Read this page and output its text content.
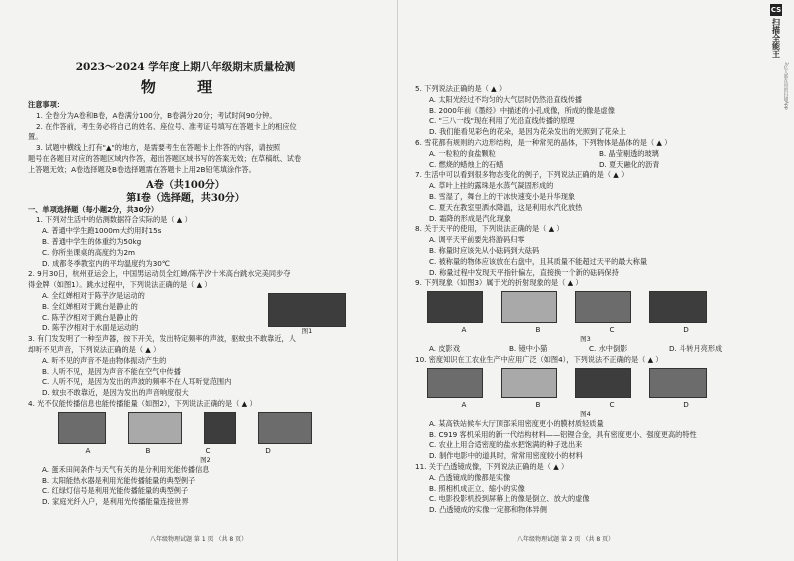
CS
扫描全能王
3亿人都在用的扫描App
2023～2024 学年度上期八年级期末质量检测
物 理
注意事项：
1. 全卷分为A卷和B卷，A卷满分100分，B卷满分20分；考试时间90分钟。
2. 在作答前，考生务必将自己的姓名、座位号、准考证号填写在答题卡上的相应位
置。
3. 试题中横线上打有"▲"的地方，是需要考生在答题卡上作答的内容，请按照
题号在各题目对应的答题区域内作答，超出答题区域书写的答案无效；在草稿纸、试卷
上答题无效；A卷选择题及B卷选择题需在答题卡上用2B铅笔填涂作答。
A卷（共100分）
第Ⅰ卷（选择题，共30分）
一、单项选择题（每小题2分，共30分）
1. 下列对生活中的估测数据符合实际的是（ ▲ ）
A. 普通中学生跑1000m大约用时15s
B. 普通中学生的体重约为50kg
C. 你所坐课桌的高度约为2m
D. 成都冬季教室内的平均温度约为30℃
2. 9月30日，杭州亚运会上，中国男运动员全红婵/陈芋汐十米高台跳水完美同步夺
得金牌（如图1）。跳水过程中，下列说法正确的是（ ▲ ）
A. 全红婵相对于陈芋汐是运动的
B. 全红婵相对于跳台是静止的
C. 陈芋汐相对于跳台是静止的
D. 陈芋汐相对于水面是运动的	图1
3. 有门发发明了一种至声器，按下开关，发出特定频率的声波，驱蚊虫不敢靠近，人
却听不见声音，下列说法正确的是（ ▲ ）
A. 听不见的声音不是由物体振动产生的
B. 人听不见，是因为声音不能在空气中传播
C. 人听不见，是因为发出的声波的频率不在人耳听觉范围内
D. 蚊虫不敢靠近，是因为发出的声音响度很大
4. 光不仅能传播信息也能传播能量（如图2），下列说法正确的是（ ▲ ）
A	B	C	D
图2
A. 蛋禾田间条件与天气有关的是分利用光能传播信息
B. 太阳能热水器是利用光能传播能量的典型例子
C. 红绿灯信号是利用光能传播能量的典型例子
D. 家庭光纤入户，是利用光传播能量连接世界
八年级物理试题 第 1 页 （共 8 页）
5. 下列说法正确的是（ ▲ ）
A. 太阳光经过不均匀的大气层时仍然沿直线传播
B. 2000年前《墨经》中描述的小孔成像，所成的像是虚像
C. "三八一线"现在利用了光沿直线传播的原理
D. 我们能看见彩色的花朵，是因为花朵发出的光照到了花朵上
6. 雪花都有规则的六边形结构，是一种常见的晶体，下列物体是晶体的是（ ▲ ）
A. 一粒粒的食盐颗粒	B. 晶莹剔透的玻璃
C. 燃烧的蜡烛上的石蜡	D. 夏天融化的沥青
7. 生活中可以看到很多物态变化的例子，下列说法正确的是（ ▲ ）
A. 草叶上挂的露珠是水蒸气凝固形成的
B. 雪湿了，舞台上的干冰快速变小是升华现象
C. 夏天在教室里洒水降温，这是利用水汽化放热
D. 霜降的形成是汽化现象
8. 关于天平的使用，下列说法正确的是（ ▲ ）
A. 调平天平前要先将游码归零
B. 称量时应该先从小砝码到大砝码
C. 被称量的物体应该放在右盘中，且其质量不能超过天平的最大称量
D. 称量过程中发现天平指针偏左，直接换一个新的砝码保持
9. 下列现象（如图3）属于光的折射现象的是（ ▲ ）
A	B	C	D
图3
A. 皮影戏	B. 镜中小猫	C. 水中倒影	D. 斗转月亮形成
10. 密度知识在工农业生产中应用广泛（如图4），下列说法不正确的是（ ▲ ）
A	B	C	D
图4
A. 某高铁站候车大厅顶部采用密度更小的膜材质轻质量
B. C919 客机采用的新一代结构材料——铝锂合金，具有密度更小、强度更高的特性
C. 农业上用合适密度的盐水把饱满的种子选出来
D. 制作电影中的道具时，常常用密度较小的材料
11. 关于凸透镜成像，下列说法正确的是（ ▲ ）
A. 凸透镜成的像都是实像
B. 照相机成正立、缩小的实像
C. 电影投影机投到屏幕上的像是倒立、放大的虚像
D. 凸透镜成的实像一定都和物体异侧
八年级物理试题 第 2 页 （共 8 页）
